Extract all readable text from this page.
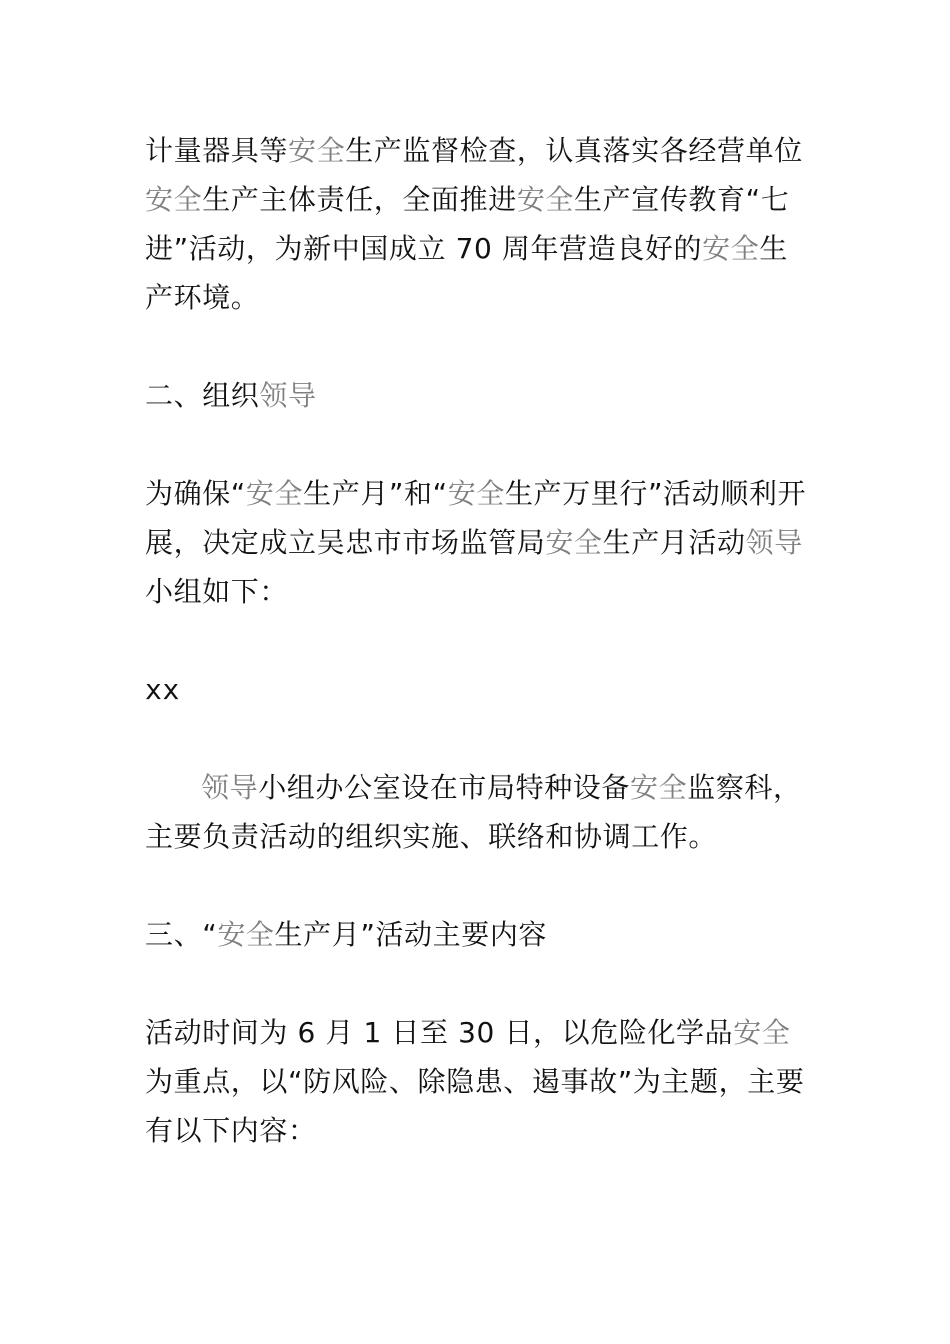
计量器具等安全生产监督检查，认真落实各经营单位安全生产主体责任，全面推进安全生产宣传教育“七进”活动，为新中国成立 70 周年营造良好的安全生产环境。

二、组织领导

为确保“安全生产月”和“安全生产万里行”活动顺利开展，决定成立吴忠市市场监管局安全生产月活动领导小组如下：

xx

领导小组办公室设在市局特种设备安全监察科，主要负责活动的组织实施、联络和协调工作。

三、“安全生产月”活动主要内容

活动时间为 6 月 1 日至 30 日，以危险化学品安全为重点，以“防风险、除隐患、遏事故”为主题，主要有以下内容：
